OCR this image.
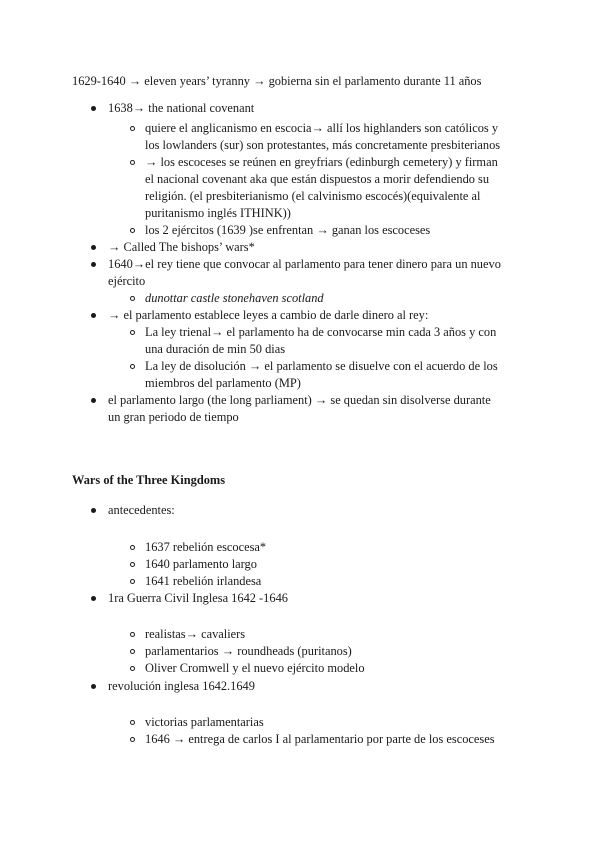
1629-1640 → eleven years’ tyranny → gobierna sin el parlamento durante 11 años
1638→ the national covenant
quiere el anglicanismo en escocia→ allí los highlanders son católicos y
los lowlanders (sur) son protestantes, más concretamente presbiterianos
→ los escoceses se reúnen en greyfriars (edinburgh cemetery) y firman
el nacional covenant aka que están dispuestos a morir defendiendo su
religión. (el presbiterianismo (el calvinismo escocés)(equivalente al
puritanismo inglés ITHINK))
los 2 ejércitos (1639 )se enfrentan → ganan los escoceses
→ Called The bishops’ wars*
1640→el rey tiene que convocar al parlamento para tener dinero para un nuevo
ejército
dunottar castle stonehaven scotland
→ el parlamento establece leyes a cambio de darle dinero al rey:
La ley trienal→ el parlamento ha de convocarse min cada 3 años y con
una duración de min 50 dias
La ley de disolución → el parlamento se disuelve con el acuerdo de los
miembros del parlamento (MP)
el parlamento largo (the long parliament) → se quedan sin disolverse durante
un gran periodo de tiempo
Wars of the Three Kingdoms
antecedentes:
1637 rebelión escocesa*
1640 parlamento largo
1641 rebelión irlandesa
1ra Guerra Civil Inglesa 1642 -1646
realistas→ cavaliers
parlamentarios → roundheads (puritanos)
Oliver Cromwell y el nuevo ejército modelo
revolución inglesa 1642.1649
victorias parlamentarias
1646 → entrega de carlos I al parlamentario por parte de los escoceses
